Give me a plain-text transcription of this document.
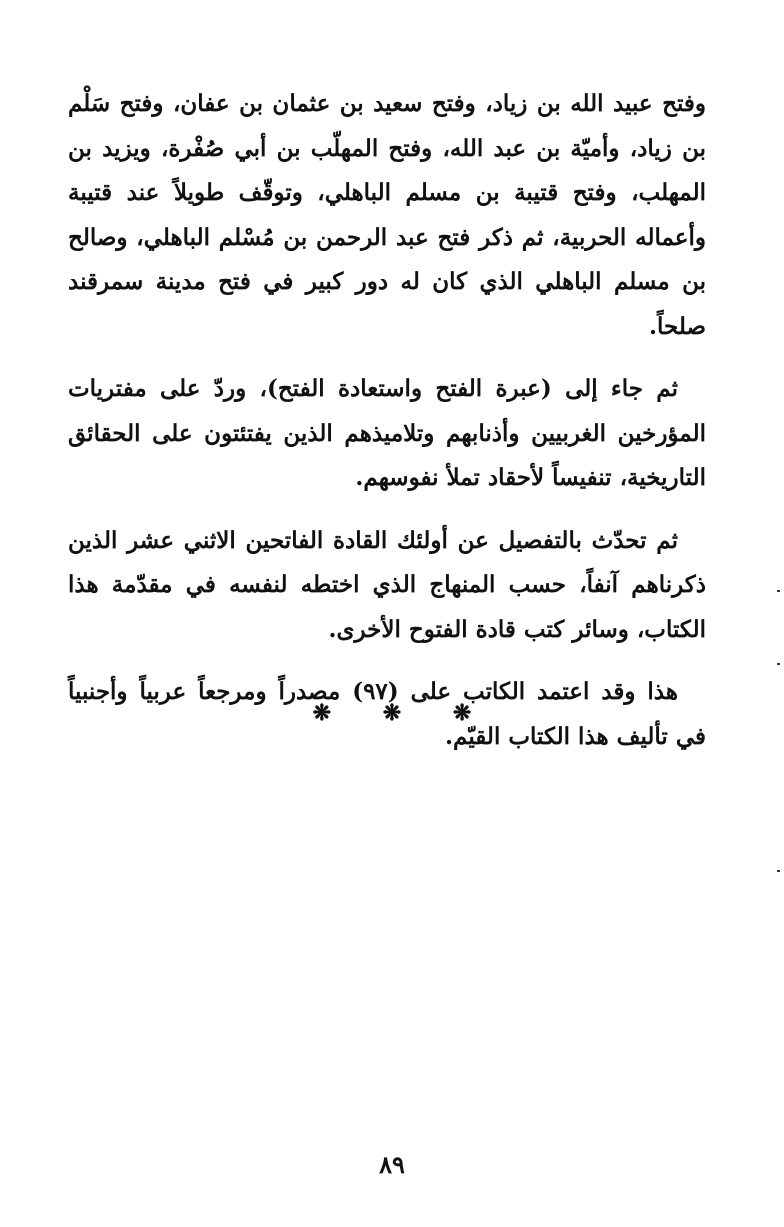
وفتح عبيد الله بن زياد، وفتح سعيد بن عثمان بن عفان، وفتح سَلْم بن زياد، وأميّة بن عبد الله، وفتح المهلّب بن أبي صُفْرة، ويزيد بن المهلب، وفتح قتيبة بن مسلم الباهلي، وتوقّف طويلاً عند قتيبة وأعماله الحربية، ثم ذكر فتح عبد الرحمن بن مُسْلم الباهلي، وصالح بن مسلم الباهلي الذي كان له دور كبير في فتح مدينة سمرقند صلحاً.

ثم جاء إلى (عبرة الفتح واستعادة الفتح)، وردّ على مفتريات المؤرخين الغربيين وأذنابهم وتلاميذهم الذين يفتئتون على الحقائق التاريخية، تنفيساً لأحقاد تملأ نفوسهم.

ثم تحدّث بالتفصيل عن أولئك القادة الفاتحين الاثني عشر الذين ذكرناهم آنفاً، حسب المنهاج الذي اختطه لنفسه في مقدّمة هذا الكتاب، وسائر كتب قادة الفتوح الأخرى.

هذا وقد اعتمد الكاتب على (٩٧) مصدراً ومرجعاً عربياً وأجنبياً في تأليف هذا الكتاب القيّم.

❋ ❋ ❋
٨٩
